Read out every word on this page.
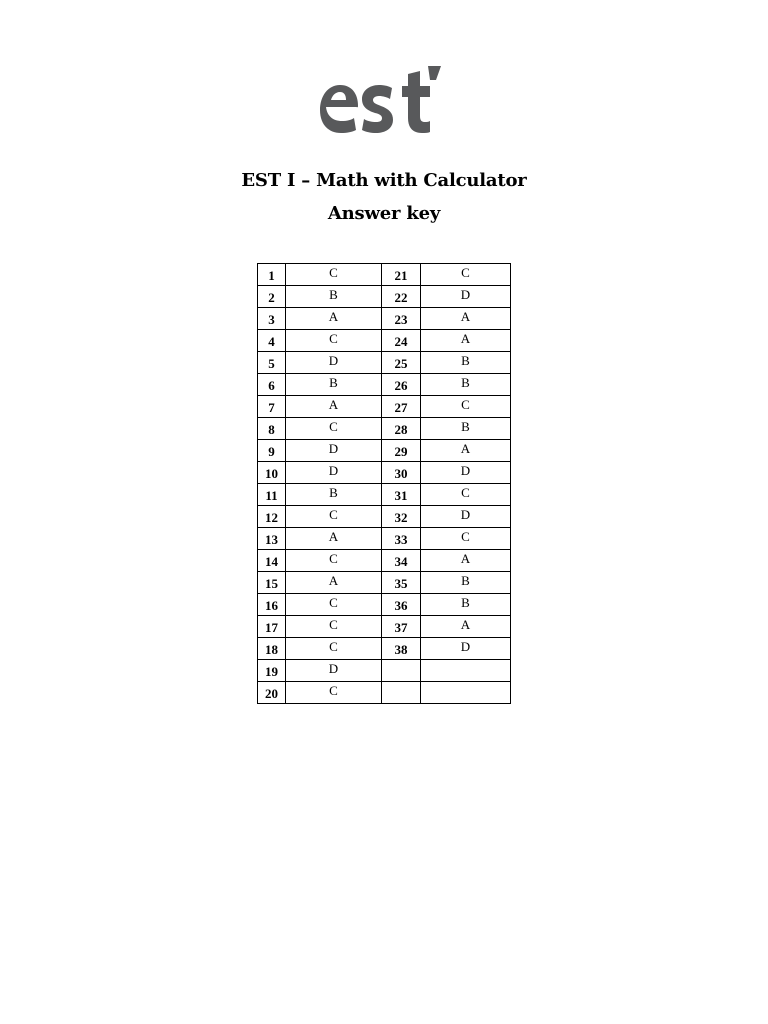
EST I – Math with Calculator
Answer key
1	C	21	C
2	B	22	D
3	A	23	A
4	C	24	A
5	D	25	B
6	B	26	B
7	A	27	C
8	C	28	B
9	D	29	A
10	D	30	D
11	B	31	C
12	C	32	D
13	A	33	C
14	C	34	A
15	A	35	B
16	C	36	B
17	C	37	A
18	C	38	D
19	D		
20	C		
